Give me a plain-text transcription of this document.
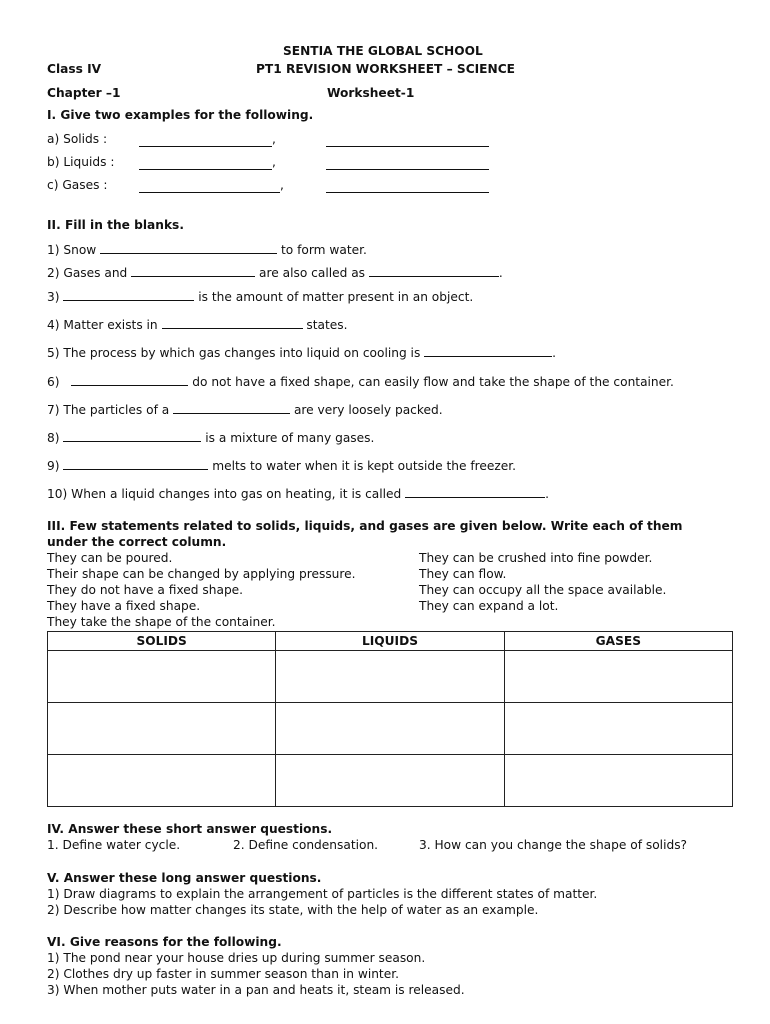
SENTIA THE GLOBAL SCHOOL
Class IV	PT1 REVISION WORKSHEET – SCIENCE
Chapter –1	Worksheet-1
I. Give two examples for the following.
a) Solids :	,
b) Liquids :	,
c) Gases :	,
II. Fill in the blanks.
1) Snow	to form water.
2) Gases and	are also called as	.
3)	is the amount of matter present in an object.
4) Matter exists in	states.
5) The process by which gas changes into liquid on cooling is	.
6)	do not have a fixed shape, can easily flow and take the shape of the container.
7) The particles of a	are very loosely packed.
8)	is a mixture of many gases.
9)	melts to water when it is kept outside the freezer.
10) When a liquid changes into gas on heating, it is called	.
III. Few statements related to solids, liquids, and gases are given below. Write each of them
under the correct column.
They can be poured.
Their shape can be changed by applying pressure.
They do not have a fixed shape.
They have a fixed shape.
They take the shape of the container.
They can be crushed into fine powder.
They can flow.
They can occupy all the space available.
They can expand a lot.
SOLIDS	LIQUIDS	GASES

IV. Answer these short answer questions.
1. Define water cycle.	2. Define condensation.	3. How can you change the shape of solids?
V. Answer these long answer questions.
1) Draw diagrams to explain the arrangement of particles is the different states of matter.
2) Describe how matter changes its state, with the help of water as an example.
VI. Give reasons for the following.
1) The pond near your house dries up during summer season.
2) Clothes dry up faster in summer season than in winter.
3) When mother puts water in a pan and heats it, steam is released.
